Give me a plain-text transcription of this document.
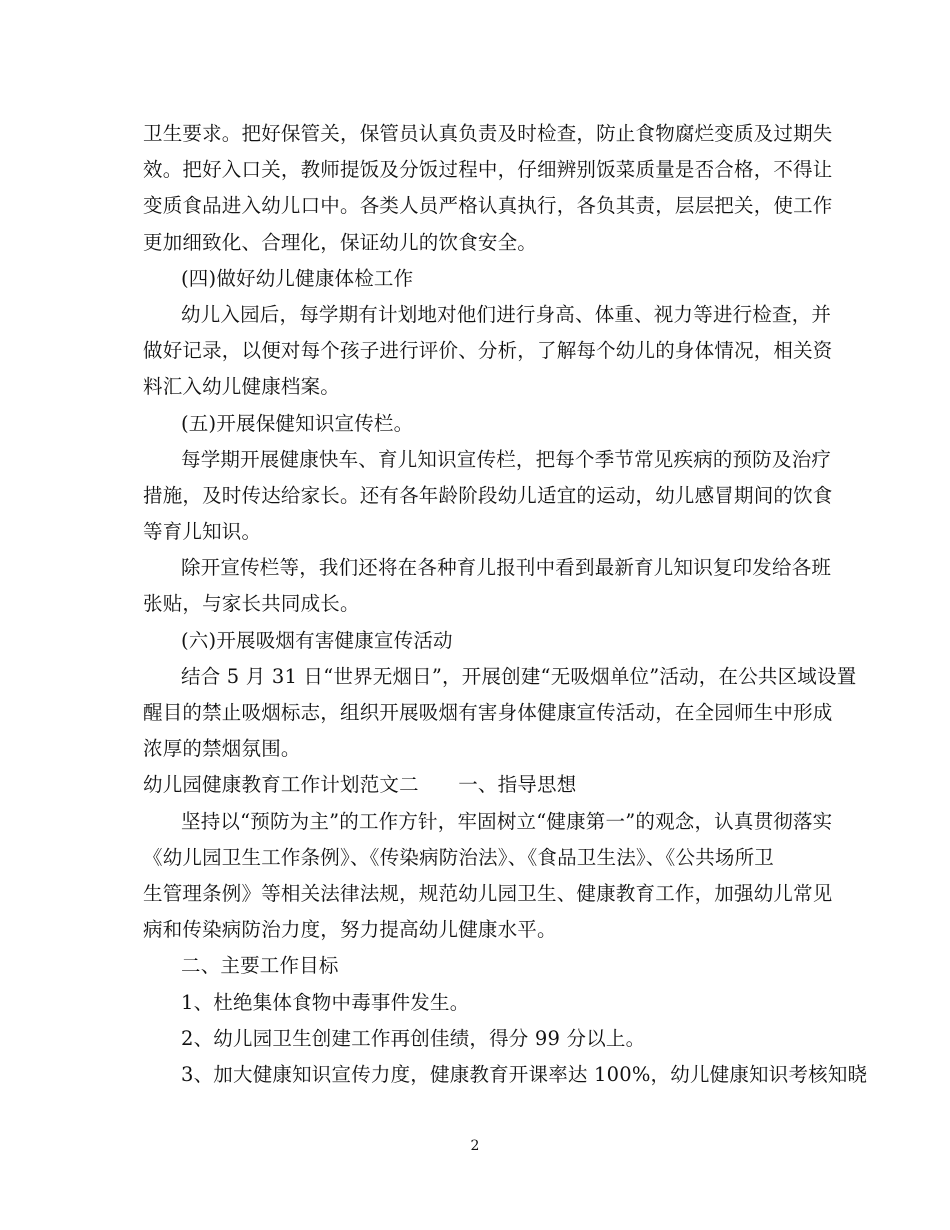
卫生要求。把好保管关，保管员认真负责及时检查，防止食物腐烂变质及过期失
效。把好入口关，教师提饭及分饭过程中，仔细辨别饭菜质量是否合格，不得让
变质食品进入幼儿口中。各类人员严格认真执行，各负其责，层层把关，使工作
更加细致化、合理化，保证幼儿的饮食安全。
(四)做好幼儿健康体检工作
幼儿入园后，每学期有计划地对他们进行身高、体重、视力等进行检查，并
做好记录，以便对每个孩子进行评价、分析，了解每个幼儿的身体情况，相关资
料汇入幼儿健康档案。
(五)开展保健知识宣传栏。
每学期开展健康快车、育儿知识宣传栏，把每个季节常见疾病的预防及治疗
措施，及时传达给家长。还有各年龄阶段幼儿适宜的运动，幼儿感冒期间的饮食
等育儿知识。
除开宣传栏等，我们还将在各种育儿报刊中看到最新育儿知识复印发给各班
张贴，与家长共同成长。
(六)开展吸烟有害健康宣传活动
结合 5 月 31 日“世界无烟日”，开展创建“无吸烟单位”活动，在公共区域设置
醒目的禁止吸烟标志，组织开展吸烟有害身体健康宣传活动，在全园师生中形成
浓厚的禁烟氛围。
幼儿园健康教育工作计划范文二　　一、指导思想
坚持以“预防为主”的工作方针，牢固树立“健康第一”的观念，认真贯彻落实
《幼儿园卫生工作条例》、《传染病防治法》、《食品卫生法》、《公共场所卫
生管理条例》等相关法律法规，规范幼儿园卫生、健康教育工作，加强幼儿常见
病和传染病防治力度，努力提高幼儿健康水平。
二、主要工作目标
1、杜绝集体食物中毒事件发生。
2、幼儿园卫生创建工作再创佳绩，得分 99 分以上。
3、加大健康知识宣传力度，健康教育开课率达 100%，幼儿健康知识考核知晓
2
